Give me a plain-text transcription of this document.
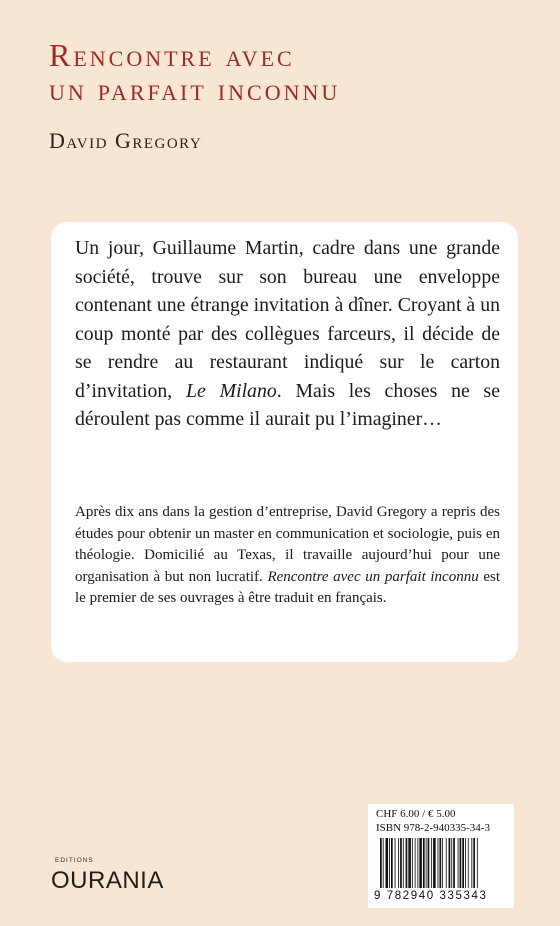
Rencontre avec
un parfait inconnu
David Gregory

Un jour, Guillaume Martin, cadre dans une grande société, trouve sur son bureau une enveloppe contenant une étrange invitation à dîner. Croyant à un coup monté par des collègues farceurs, il décide de se rendre au restaurant indiqué sur le carton d’invitation, Le Milano. Mais les choses ne se déroulent pas comme il aurait pu l’imaginer…

Après dix ans dans la gestion d’entreprise, David Gregory a repris des études pour obtenir un master en communication et sociologie, puis en théologie. Domicilié au Texas, il travaille aujourd’hui pour une organisation à but non lucratif. Rencontre avec un parfait inconnu est le premier de ses ouvrages à être traduit en français.

EDITIONS
OURANIA
CHF 6.00 / € 5.00
ISBN 978-2-940335-34-3
9 782940 335343
